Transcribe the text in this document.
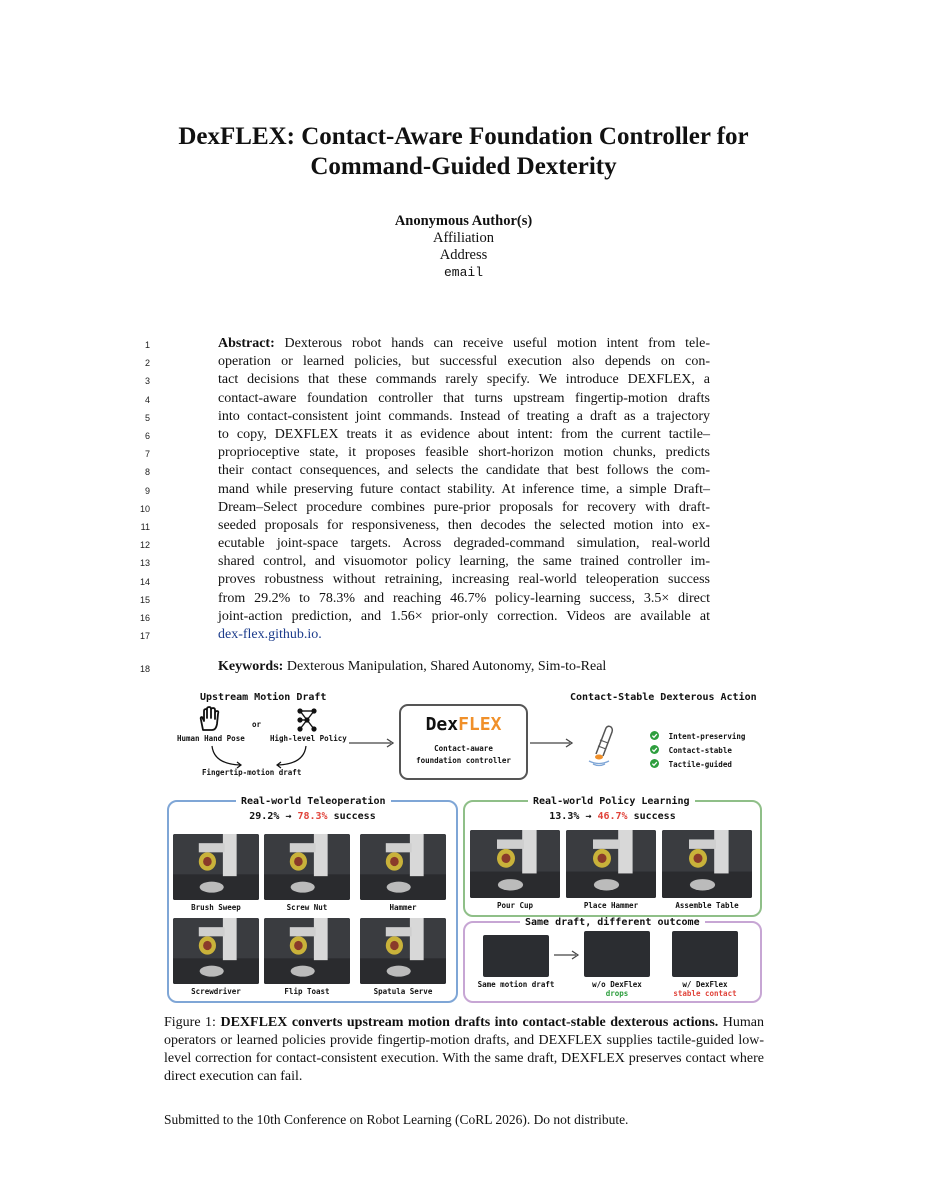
DexFLEX: Contact-Aware Foundation Controller for
Command-Guided Dexterity
Anonymous Author(s)
Affiliation
Address
email
1
2
3
4
5
6
7
8
9
10
11
12
13
14
15
16
17
18
Abstract: Dexterous robot hands can receive useful motion intent from tele-
operation or learned policies, but successful execution also depends on con-
tact decisions that these commands rarely specify. We introduce DEXFLEX, a
contact-aware foundation controller that turns upstream fingertip-motion drafts
into contact-consistent joint commands. Instead of treating a draft as a trajectory
to copy, DEXFLEX treats it as evidence about intent: from the current tactile–
proprioceptive state, it proposes feasible short-horizon motion chunks, predicts
their contact consequences, and selects the candidate that best follows the com-
mand while preserving future contact stability. At inference time, a simple Draft–
Dream–Select procedure combines pure-prior proposals for recovery with draft-
seeded proposals for responsiveness, then decodes the selected motion into ex-
ecutable joint-space targets. Across degraded-command simulation, real-world
shared control, and visuomotor policy learning, the same trained controller im-
proves robustness without retraining, increasing real-world teleoperation success
from 29.2% to 78.3% and reaching 46.7% policy-learning success, 3.5× direct
joint-action prediction, and 1.56× prior-only correction. Videos are available at
dex-flex.github.io.
Keywords: Dexterous Manipulation, Shared Autonomy, Sim-to-Real
Upstream Motion Draft
Human Hand Pose
or
High-level Policy
Fingertip-motion draft
DexFLEX
Contact-aware
foundation controller
Contact-Stable Dexterous Action
Intent-preserving
Contact-stable
Tactile-guided
Real-world Teleoperation
29.2% → 78.3% success
Brush Sweep	Screw Nut	Hammer
Screwdriver	Flip Toast	Spatula Serve
Real-world Policy Learning
13.3% → 46.7% success
Pour Cup	Place Hammer	Assemble Table
Same draft, different outcome
Same motion draft	w/o DexFlex
drops
w/ DexFlex
stable contact
Figure 1: DEXFLEX converts upstream motion drafts into contact-stable dexterous actions. Human operators or learned policies provide fingertip-motion drafts, and DEXFLEX supplies tactile-guided low-level correction for contact-consistent execution. With the same draft, DEXFLEX preserves contact where direct execution can fail.
Submitted to the 10th Conference on Robot Learning (CoRL 2026). Do not distribute.
